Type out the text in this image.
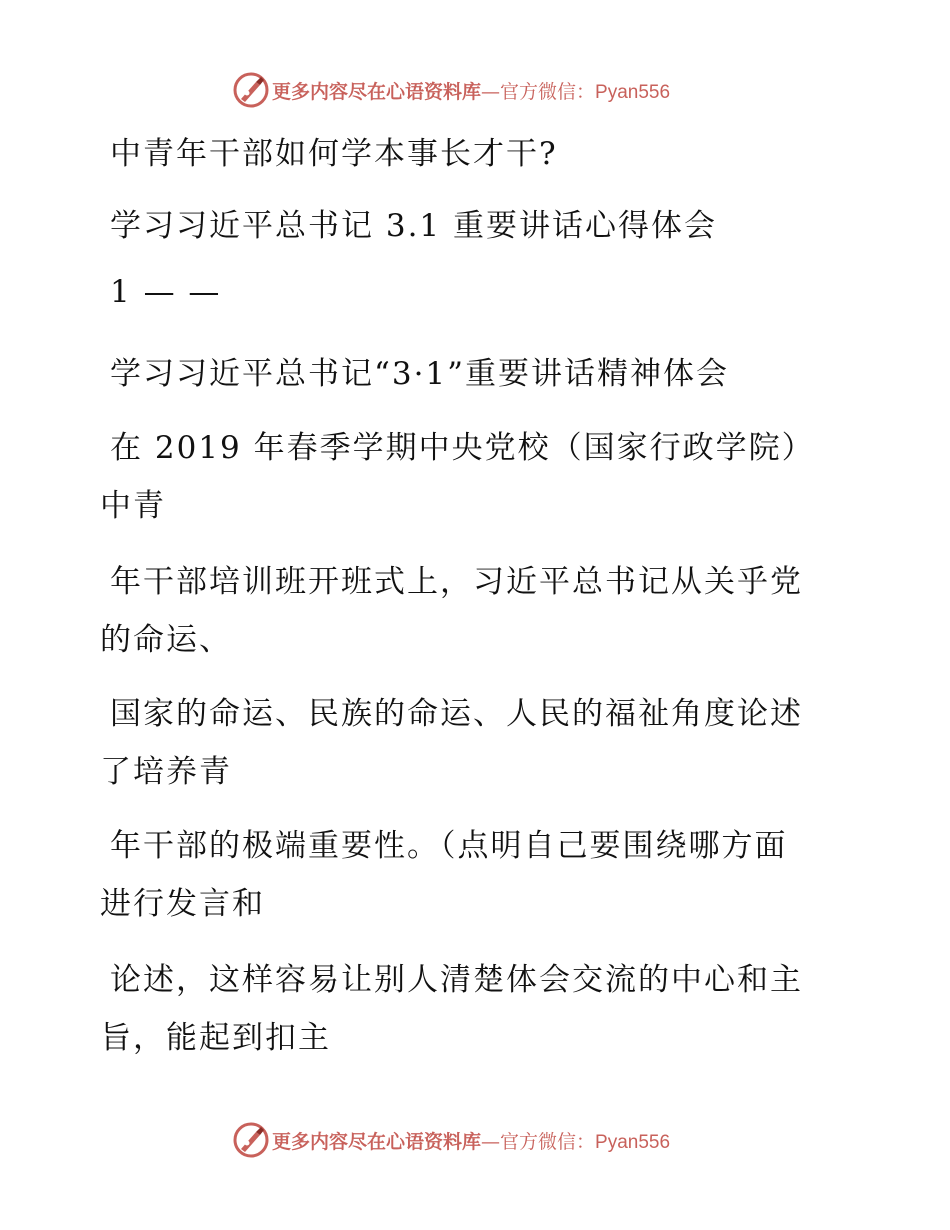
更多内容尽在心语资料库—官方微信：Pyan556
中青年干部如何学本事长才干?
学习习近平总书记 3.1 重要讲话心得体会
1 — —
学习习近平总书记“3·1”重要讲话精神体会
在 2019 年春季学期中央党校（国家行政学院）
中青
年干部培训班开班式上，习近平总书记从关乎党
的命运、
国家的命运、民族的命运、人民的福祉角度论述
了培养青
年干部的极端重要性。（点明自己要围绕哪方面
进行发言和
论述，这样容易让别人清楚体会交流的中心和主
旨，能起到扣主
更多内容尽在心语资料库—官方微信：Pyan556
